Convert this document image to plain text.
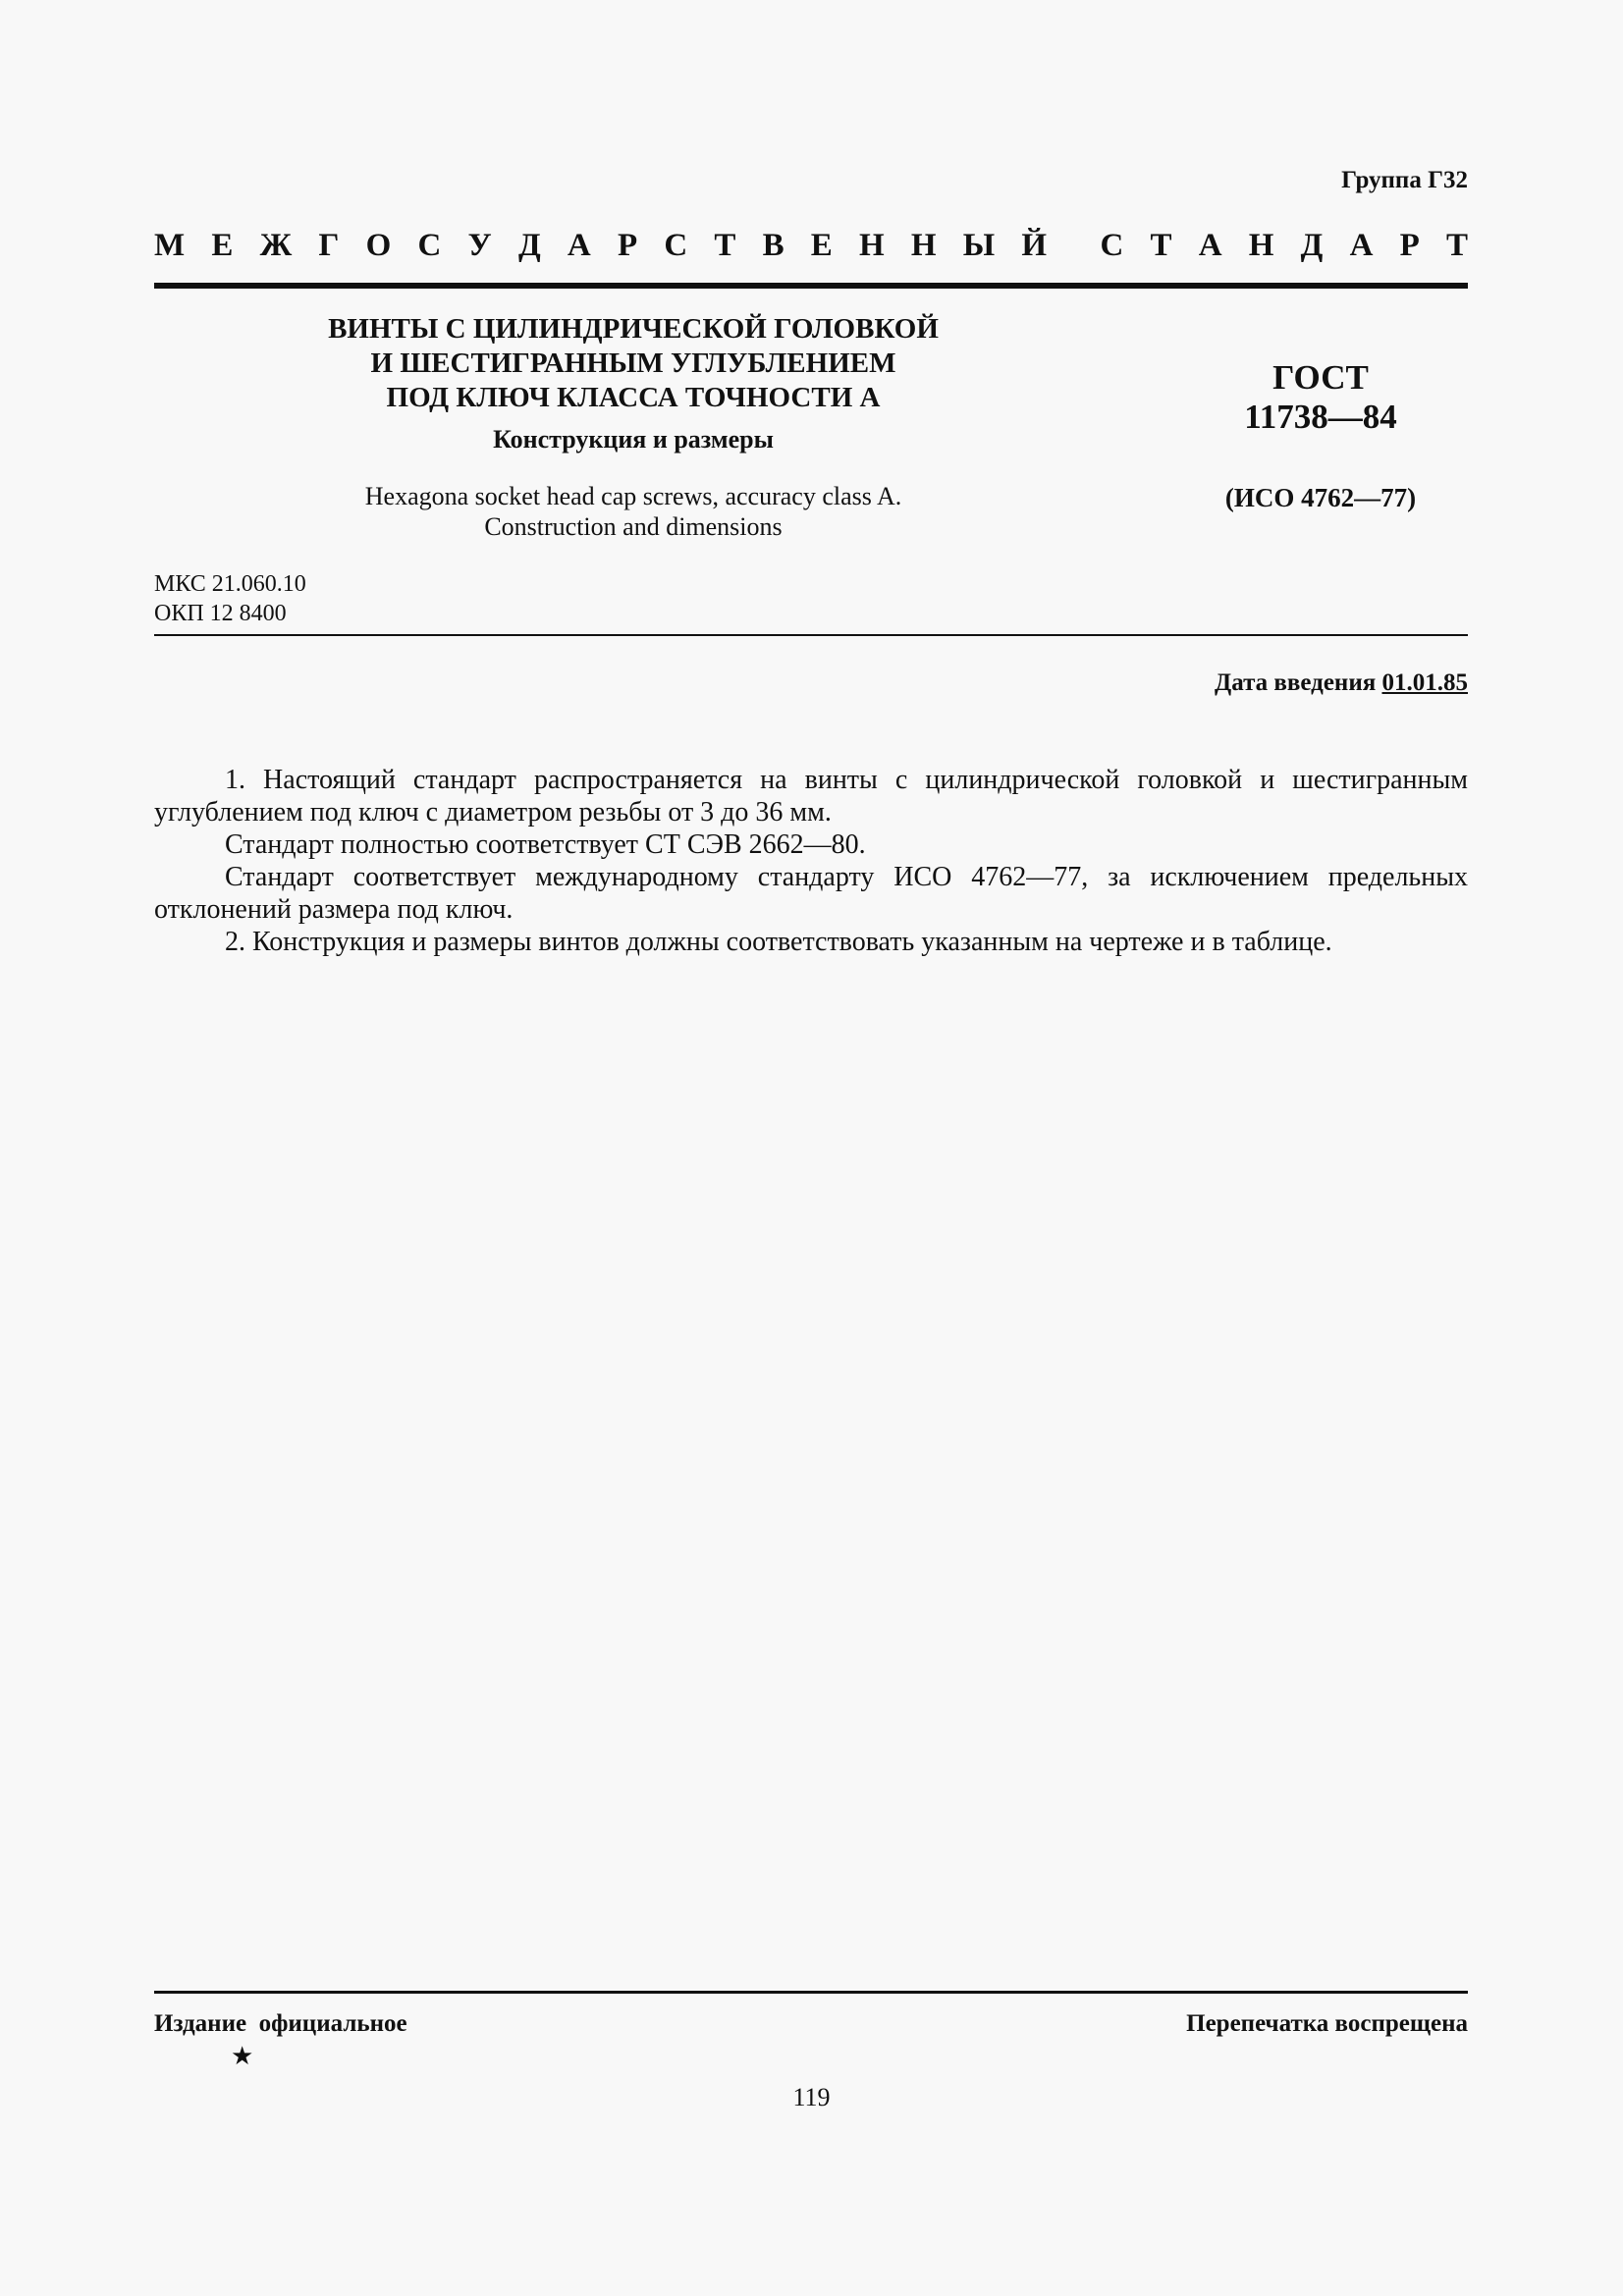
Группа Г32
М Е Ж Г О С У Д А Р С Т В Е Н Н Ы Й С Т А Н Д А Р Т
ВИНТЫ С ЦИЛИНДРИЧЕСКОЙ ГОЛОВКОЙ
И ШЕСТИГРАННЫМ УГЛУБЛЕНИЕМ
ПОД КЛЮЧ КЛАССА ТОЧНОСТИ А
Конструкция и размеры
Hexagona socket head cap screws, accuracy class A.
Construction and dimensions
ГОСТ
11738—84
(ИСО 4762—77)
МКС 21.060.10
ОКП 12 8400
Дата введения 01.01.85

1. Настоящий стандарт распространяется на винты с цилиндрической головкой и шестигранным углублением под ключ с диаметром резьбы от 3 до 36 мм.

Стандарт полностью соответствует СТ СЭВ 2662—80.

Стандарт соответствует международному стандарту ИСО 4762—77, за исключением предельных отклонений размера под ключ.

2. Конструкция и размеры винтов должны соответствовать указанным на чертеже и в таблице.

Издание  официальное
★
Перепечатка воспрещена
119
